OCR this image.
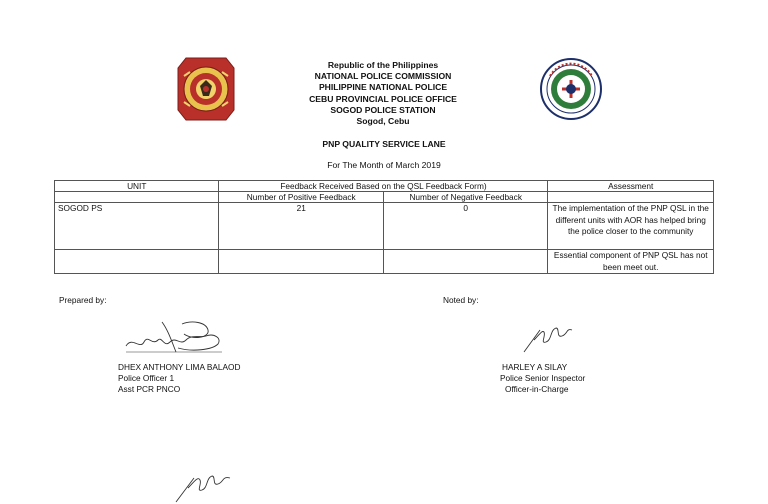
Republic of the Philippines
NATIONAL POLICE COMMISSION
PHILIPPINE NATIONAL POLICE
CEBU PROVINCIAL POLICE OFFICE
SOGOD POLICE STATION
Sogod, Cebu
PNP QUALITY SERVICE LANE
For The Month of March 2019
UNIT	Feedback Received Based on the QSL Feedback Form)		Assessment
	Number of Positive Feedback	Number of Negative Feedback	
SOGOD PS	21	0	The implementation of the PNP QSL in the different units with AOR has helped bring the police closer to the community
			Essential component of PNP QSL has not been meet out.
Prepared by:	Noted by:
DHEX ANTHONY LIMA BALAOD
Police Officer 1
Asst PCR PNCO
HARLEY A SILAY
Police Senior Inspector
Officer-in-Charge
